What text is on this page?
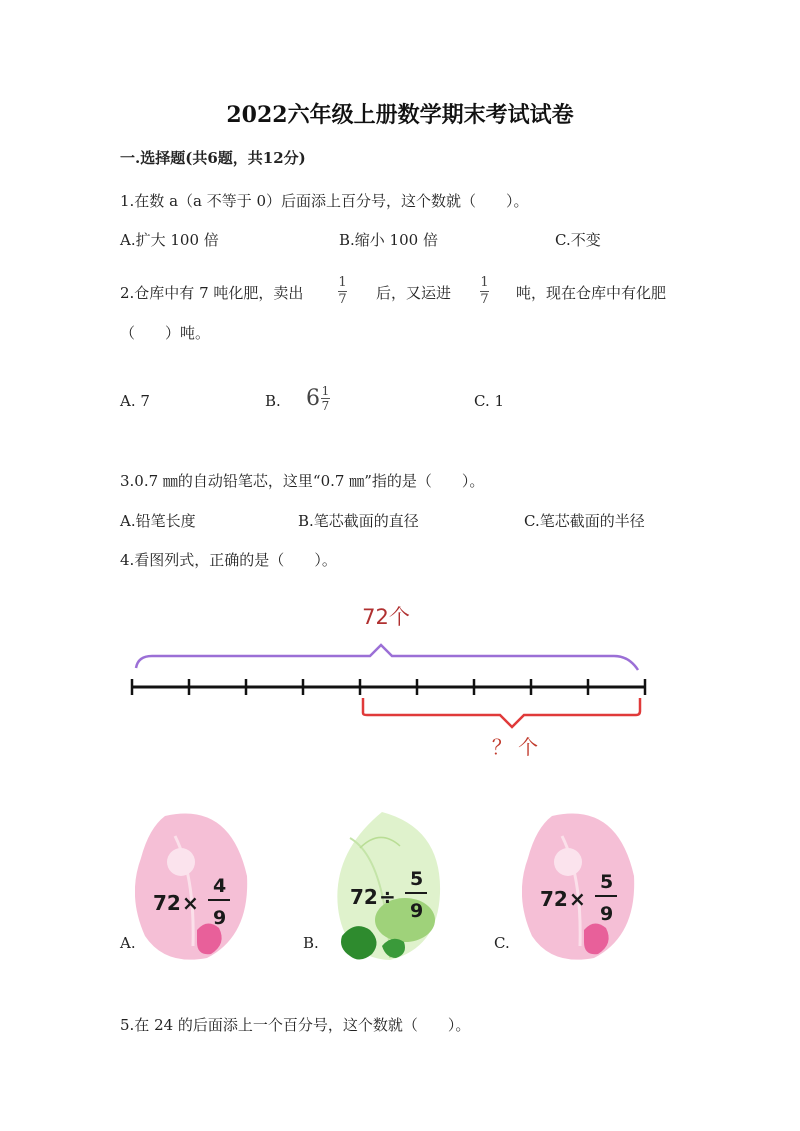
2022六年级上册数学期末考试试卷
一.选择题(共6题，共12分)
1.在数 a（a 不等于 0）后面添上百分号，这个数就（　　）。
A.扩大 100 倍	B.缩小 100 倍	C.不变
2.仓库中有 7 吨化肥，卖出
1
7 后，又运进
1
7 吨，现在仓库中有化肥
（　　）吨。
A. 7	B. $6 \frac{1}{7}$	C. 1
3.0.7 ㎜的自动铅笔芯，这里“0.7 ㎜”指的是（　　）。
A.铅笔长度	B.笔芯截面的直径	C.笔芯截面的半径
4.看图列式，正确的是（　　）。
72个
？ 个
A.
72 ×
4
9
B.
72 ÷
5
9
C.
72 ×
5
9
5.在 24 的后面添上一个百分号，这个数就（　　）。
